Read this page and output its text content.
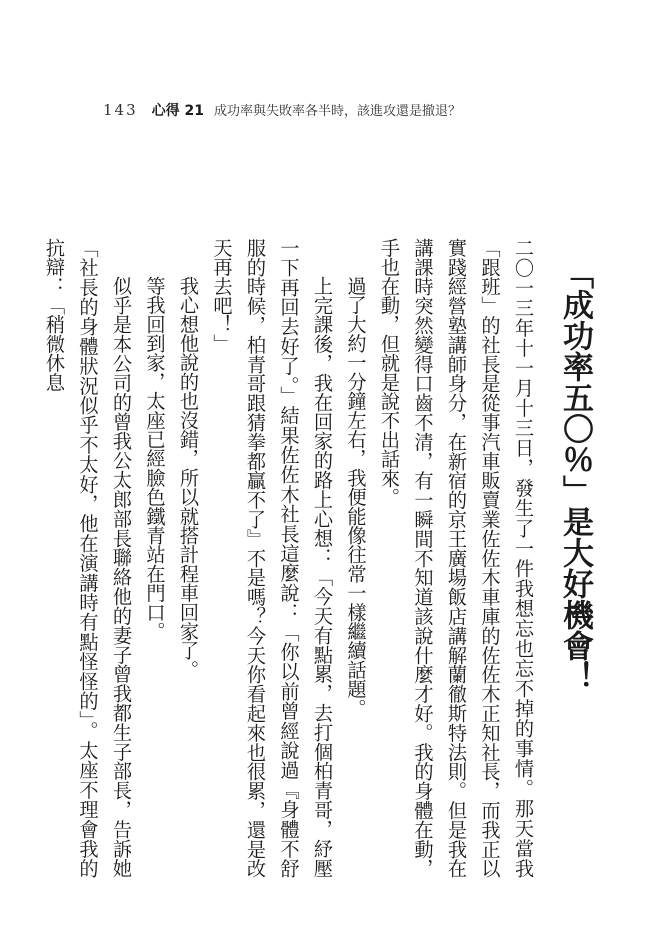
143 心得 21 成功率與失敗率各半時，該進攻還是撤退？
「成功率五〇％」是大好機會！

二〇一三年十一月十三日，發生了一件我想忘也忘不掉的事情。那天當我「跟班」的社長是從事汽車販賣業佐佐木車庫的佐佐木正知社長，而我正以實踐經營塾講師身分，在新宿的京王廣場飯店講解蘭徹斯特法則。但是我在講課時突然變得口齒不清，有一瞬間不知道該說什麼才好。我的身體在動，手也在動，但就是說不出話來。

過了大約一分鐘左右，我便能像往常一樣繼續話題。

上完課後，我在回家的路上心想：「今天有點累，去打個柏青哥，紓壓一下再回去好了。」結果佐佐木社長這麼說：「你以前曾經說過『身體不舒服的時候，柏青哥跟猜拳都贏不了』不是嗎？今天你看起來也很累，還是改天再去吧！」

我心想他說的也沒錯，所以就搭計程車回家了。

等我回到家，太座已經臉色鐵青站在門口。

似乎是本公司的曾我公太郎部長聯絡他的妻子曾我都生子部長，告訴她「社長的身體狀況似乎不太好，他在演講時有點怪怪的」。太座不理會我的抗辯：「稍微休息
